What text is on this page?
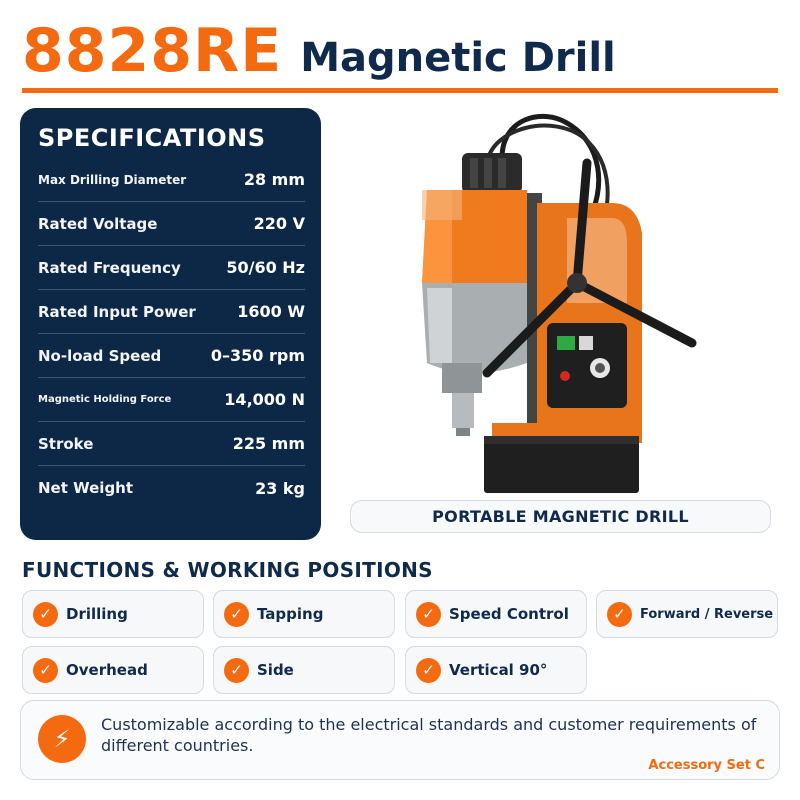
8828RE Magnetic Drill
SPECIFICATIONS
Max Drilling Diameter	28 mm
Rated Voltage	220 V
Rated Frequency	50/60 Hz
Rated Input Power	1600 W
No-load Speed	0–350 rpm
Magnetic Holding Force	14,000 N
Stroke	225 mm
Net Weight	23 kg
PORTABLE MAGNETIC DRILL
FUNCTIONS & WORKING POSITIONS
✓ Drilling	✓ Tapping	✓ Speed Control	✓	Forward / Reverse
✓ Overhead	✓ Side	✓ Vertical 90°
⚡
Customizable according to the electrical standards and customer requirements of different countries.
Accessory Set C
